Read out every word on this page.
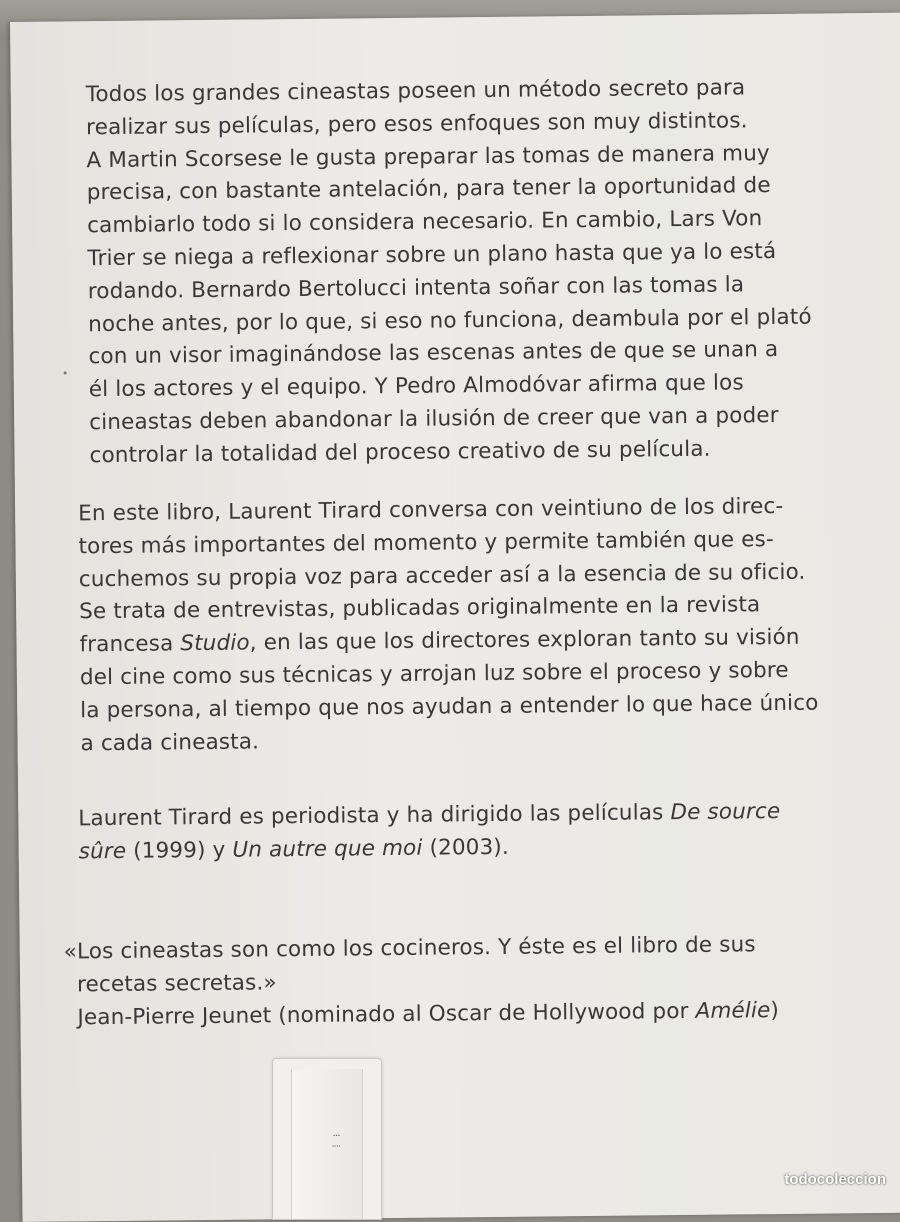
Todos los grandes cineastas poseen un método secreto para
realizar sus películas, pero esos enfoques son muy distintos.
A Martin Scorsese le gusta preparar las tomas de manera muy
precisa, con bastante antelación, para tener la oportunidad de
cambiarlo todo si lo considera necesario. En cambio, Lars Von
Trier se niega a reflexionar sobre un plano hasta que ya lo está
rodando. Bernardo Bertolucci intenta soñar con las tomas la
noche antes, por lo que, si eso no funciona, deambula por el plató
con un visor imaginándose las escenas antes de que se unan a
él los actores y el equipo. Y Pedro Almodóvar afirma que los
cineastas deben abandonar la ilusión de creer que van a poder
controlar la totalidad del proceso creativo de su película.
En este libro, Laurent Tirard conversa con veintiuno de los direc-
tores más importantes del momento y permite también que es-
cuchemos su propia voz para acceder así a la esencia de su oficio.
Se trata de entrevistas, publicadas originalmente en la revista
francesa Studio, en las que los directores exploran tanto su visión
del cine como sus técnicas y arrojan luz sobre el proceso y sobre
la persona, al tiempo que nos ayudan a entender lo que hace único
a cada cineasta.
Laurent Tirard es periodista y ha dirigido las películas De source
sûre (1999) y Un autre que moi (2003).
«Los cineastas son como los cocineros. Y éste es el libro de sus
recetas secretas.»
Jean-Pierre Jeunet (nominado al Oscar de Hollywood por Amélie)
⁞ ⁝
todocoleccion
